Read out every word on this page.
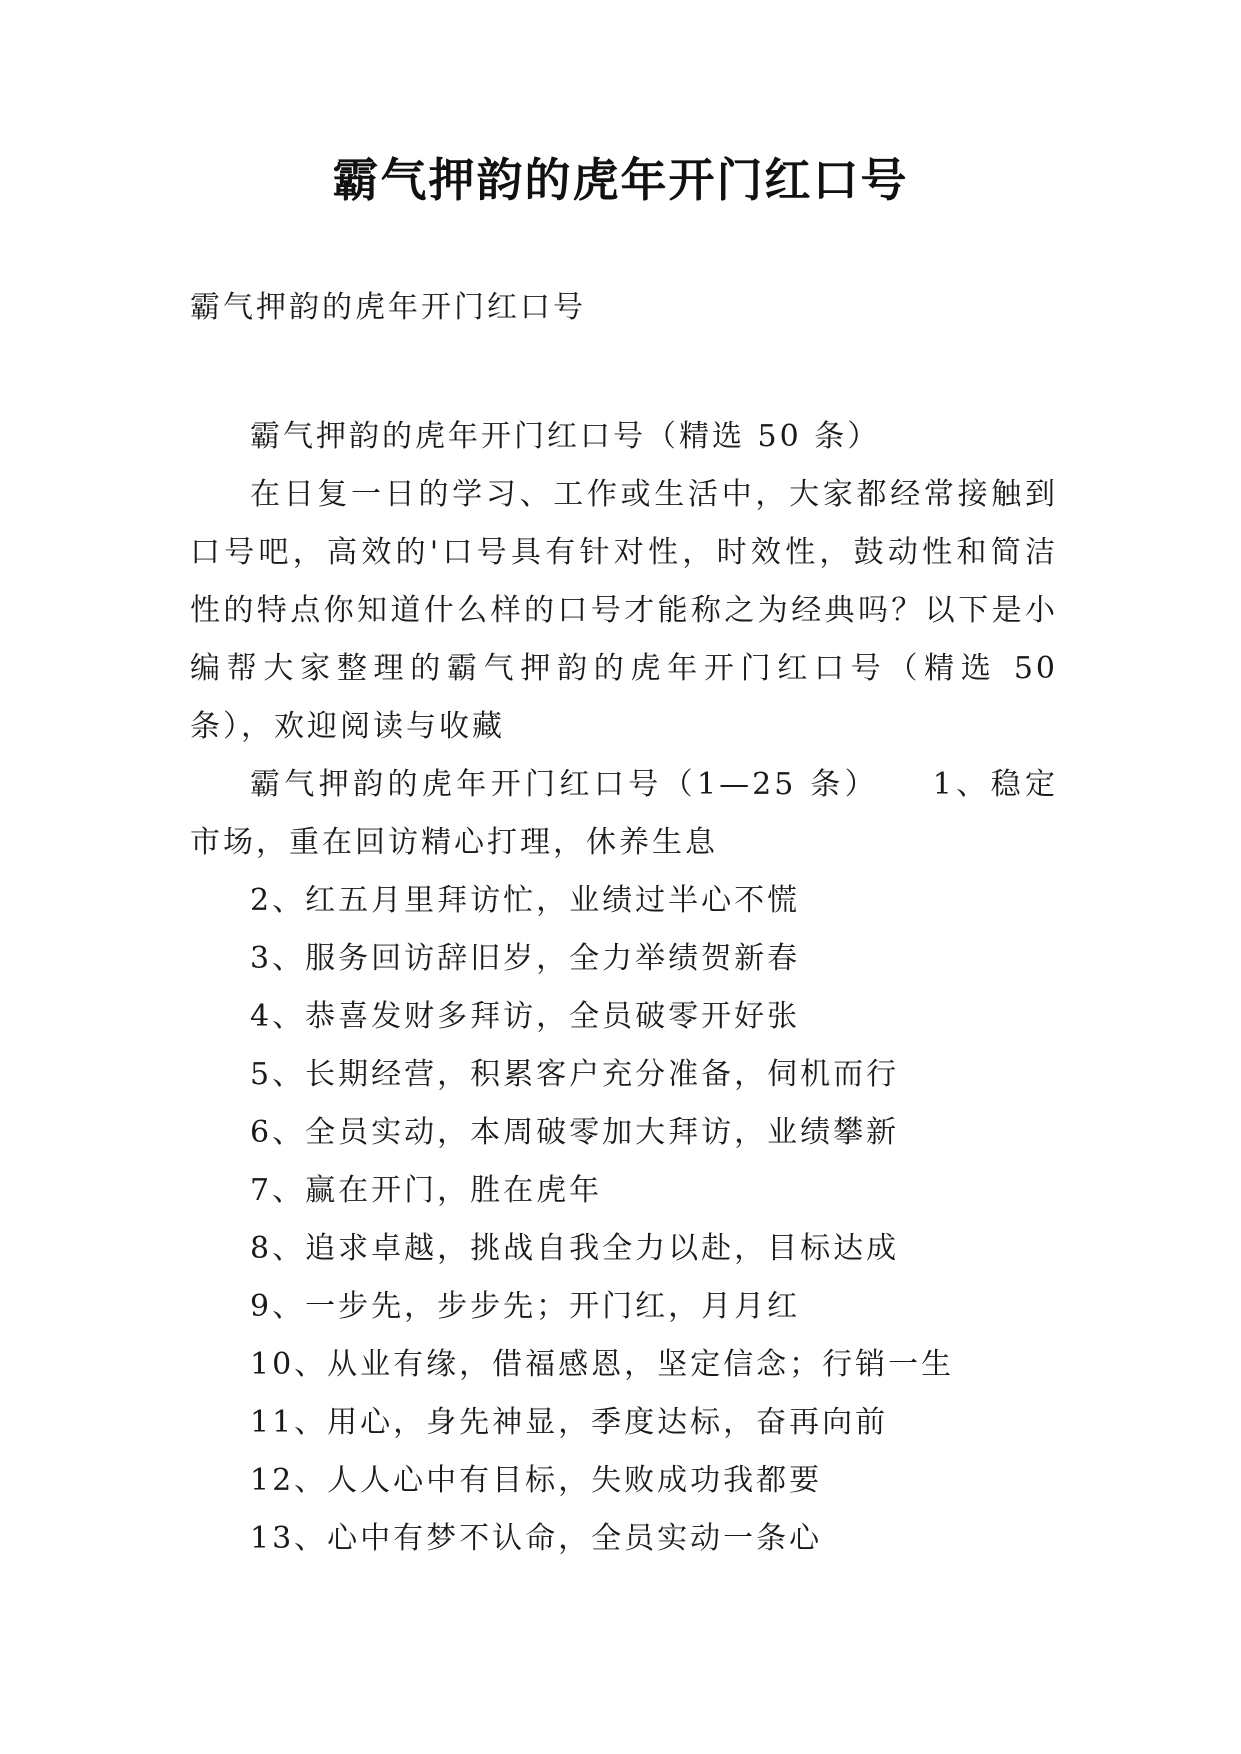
霸气押韵的虎年开门红口号
霸气押韵的虎年开门红口号

霸气押韵的虎年开门红口号（精选 50 条）

在日复一日的学习、工作或生活中，大家都经常接触到口号吧，高效的'口号具有针对性，时效性，鼓动性和简洁性的特点你知道什么样的口号才能称之为经典吗？以下是小编帮大家整理的霸气押韵的虎年开门红口号（精选 50 条），欢迎阅读与收藏

霸气押韵的虎年开门红口号（1—25 条）　　1、稳定市场，重在回访精心打理，休养生息

2、红五月里拜访忙，业绩过半心不慌

3、服务回访辞旧岁，全力举绩贺新春

4、恭喜发财多拜访，全员破零开好张

5、长期经营，积累客户充分准备，伺机而行

6、全员实动，本周破零加大拜访，业绩攀新

7、赢在开门，胜在虎年

8、追求卓越，挑战自我全力以赴，目标达成

9、一步先，步步先；开门红，月月红

10、从业有缘，借福感恩，坚定信念；行销一生

11、用心，身先神显，季度达标，奋再向前

12、人人心中有目标，失败成功我都要

13、心中有梦不认命，全员实动一条心
